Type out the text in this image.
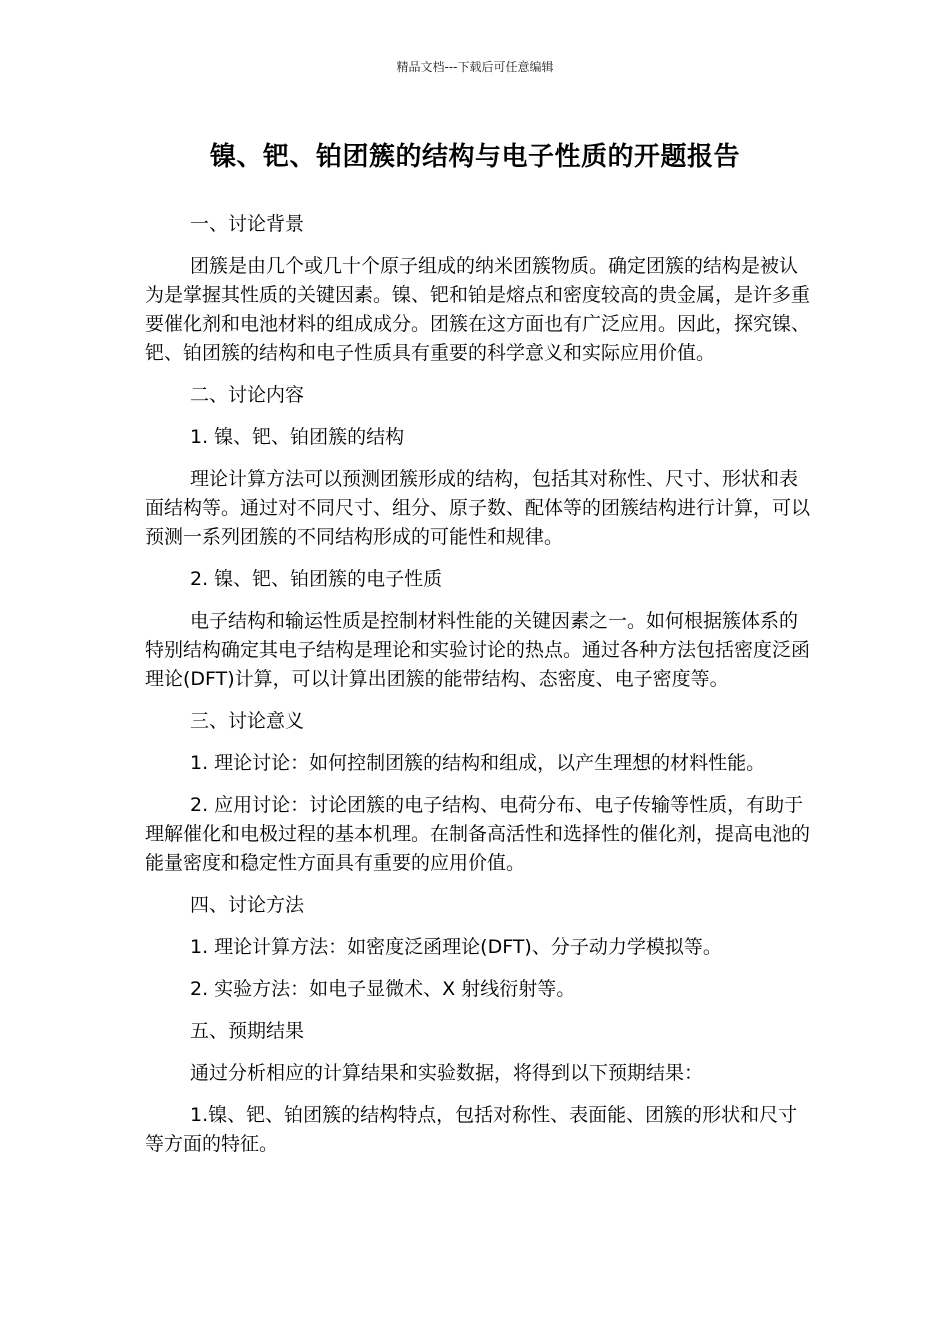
精品文档---下载后可任意编辑
镍、钯、铂团簇的结构与电子性质的开题报告

一、讨论背景

团簇是由几个或几十个原子组成的纳米团簇物质。确定团簇的结构是被认为是掌握其性质的关键因素。镍、钯和铂是熔点和密度较高的贵金属，是许多重要催化剂和电池材料的组成成分。团簇在这方面也有广泛应用。因此，探究镍、钯、铂团簇的结构和电子性质具有重要的科学意义和实际应用价值。

二、讨论内容

1. 镍、钯、铂团簇的结构

理论计算方法可以预测团簇形成的结构，包括其对称性、尺寸、形状和表面结构等。通过对不同尺寸、组分、原子数、配体等的团簇结构进行计算，可以预测一系列团簇的不同结构形成的可能性和规律。

2. 镍、钯、铂团簇的电子性质

电子结构和输运性质是控制材料性能的关键因素之一。如何根据簇体系的特别结构确定其电子结构是理论和实验讨论的热点。通过各种方法包括密度泛函理论(DFT)计算，可以计算出团簇的能带结构、态密度、电子密度等。

三、讨论意义

1. 理论讨论：如何控制团簇的结构和组成，以产生理想的材料性能。

2. 应用讨论：讨论团簇的电子结构、电荷分布、电子传输等性质，有助于理解催化和电极过程的基本机理。在制备高活性和选择性的催化剂，提高电池的能量密度和稳定性方面具有重要的应用价值。

四、讨论方法

1. 理论计算方法：如密度泛函理论(DFT)、分子动力学模拟等。

2. 实验方法：如电子显微术、X 射线衍射等。

五、预期结果

通过分析相应的计算结果和实验数据，将得到以下预期结果：

1.镍、钯、铂团簇的结构特点，包括对称性、表面能、团簇的形状和尺寸等方面的特征。
